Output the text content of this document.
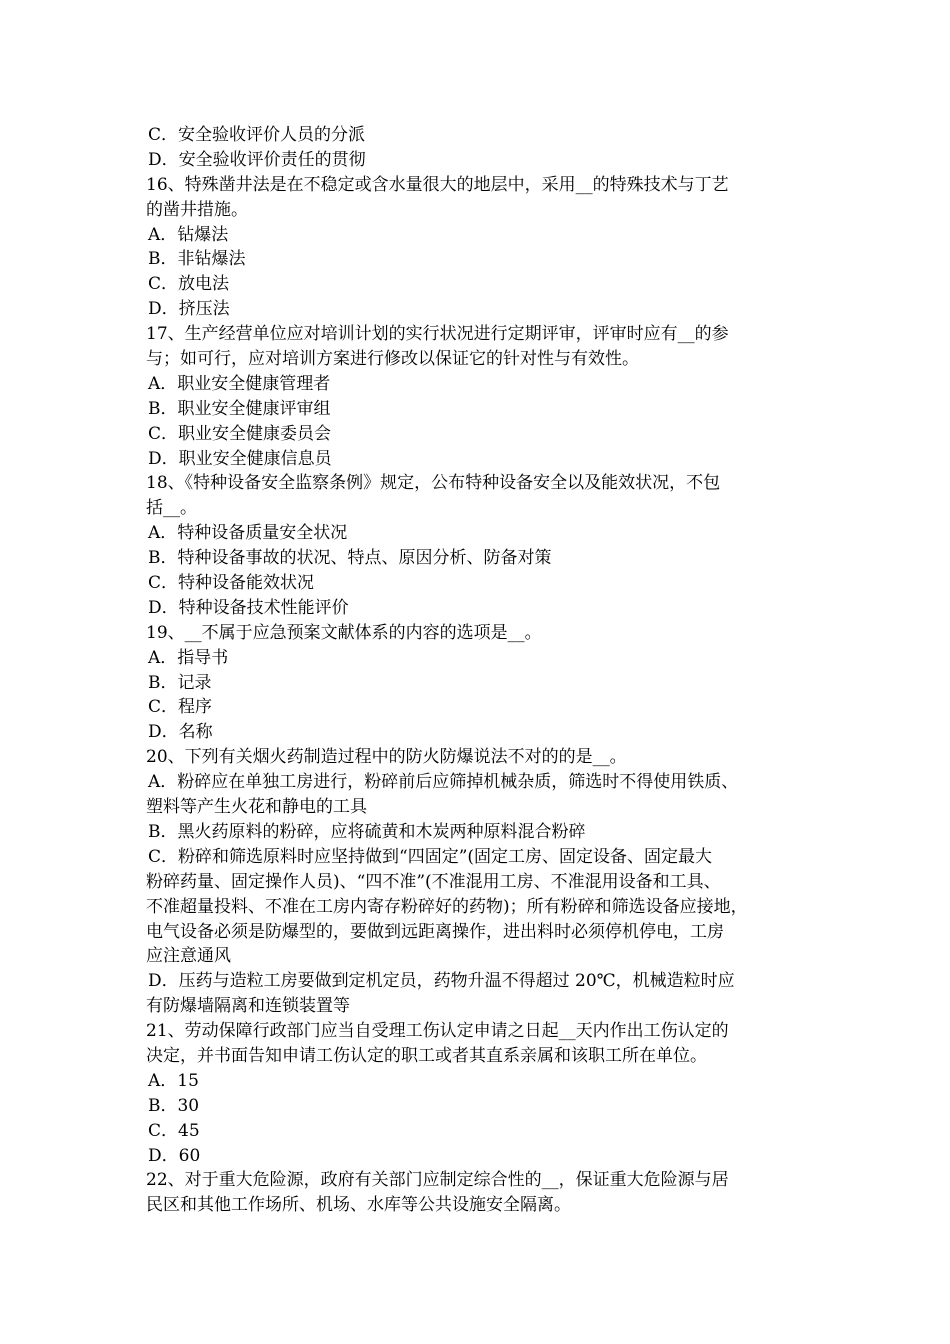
C．安全验收评价人员的分派
D．安全验收评价责任的贯彻
16、特殊凿井法是在不稳定或含水量很大的地层中，采用__的特殊技术与丁艺
的凿井措施。
A．钻爆法
B．非钻爆法
C．放电法
D．挤压法
17、生产经营单位应对培训计划的实行状况进行定期评审，评审时应有__的参
与；如可行，应对培训方案进行修改以保证它的针对性与有效性。
A．职业安全健康管理者
B．职业安全健康评审组
C．职业安全健康委员会
D．职业安全健康信息员
18、《特种设备安全监察条例》规定，公布特种设备安全以及能效状况，不包
括__。
A．特种设备质量安全状况
B．特种设备事故的状况、特点、原因分析、防备对策
C．特种设备能效状况
D．特种设备技术性能评价
19、__不属于应急预案文献体系的内容的选项是__。
A．指导书
B．记录
C．程序
D．名称
20、下列有关烟火药制造过程中的防火防爆说法不对的的是__。
A．粉碎应在单独工房进行，粉碎前后应筛掉机械杂质，筛选时不得使用铁质、
塑料等产生火花和静电的工具
B．黑火药原料的粉碎，应将硫黄和木炭两种原料混合粉碎
C．粉碎和筛选原料时应坚持做到“四固定”(固定工房、固定设备、固定最大
粉碎药量、固定操作人员)、“四不准”(不准混用工房、不准混用设备和工具、
不准超量投料、不准在工房内寄存粉碎好的药物)；所有粉碎和筛选设备应接地，
电气设备必须是防爆型的，要做到远距离操作，进出料时必须停机停电，工房
应注意通风
D．压药与造粒工房要做到定机定员，药物升温不得超过 20℃，机械造粒时应
有防爆墙隔离和连锁装置等
21、劳动保障行政部门应当自受理工伤认定申请之日起__天内作出工伤认定的
决定，并书面告知申请工伤认定的职工或者其直系亲属和该职工所在单位。
A．15
B．30
C．45
D．60
22、对于重大危险源，政府有关部门应制定综合性的__，保证重大危险源与居
民区和其他工作场所、机场、水库等公共设施安全隔离。
